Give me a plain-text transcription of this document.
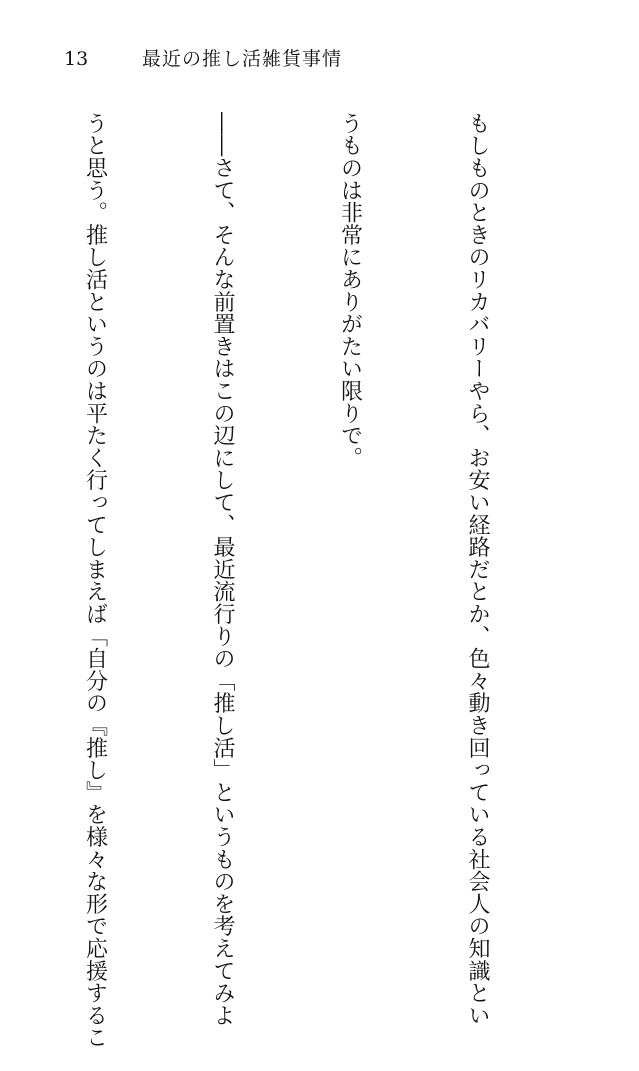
13	最近の推し活雑貨事情

もしものときのリカバリーやら、お安い経路だとか、色々動き回っている社会人の知識とい

うものは非常にありがたい限りで。

――さて、そんな前置きはこの辺にして、最近流行りの「推し活」というものを考えてみよ

うと思う。推し活というのは平たく行ってしまえば「自分の『推し』を様々な形で応援するこ
